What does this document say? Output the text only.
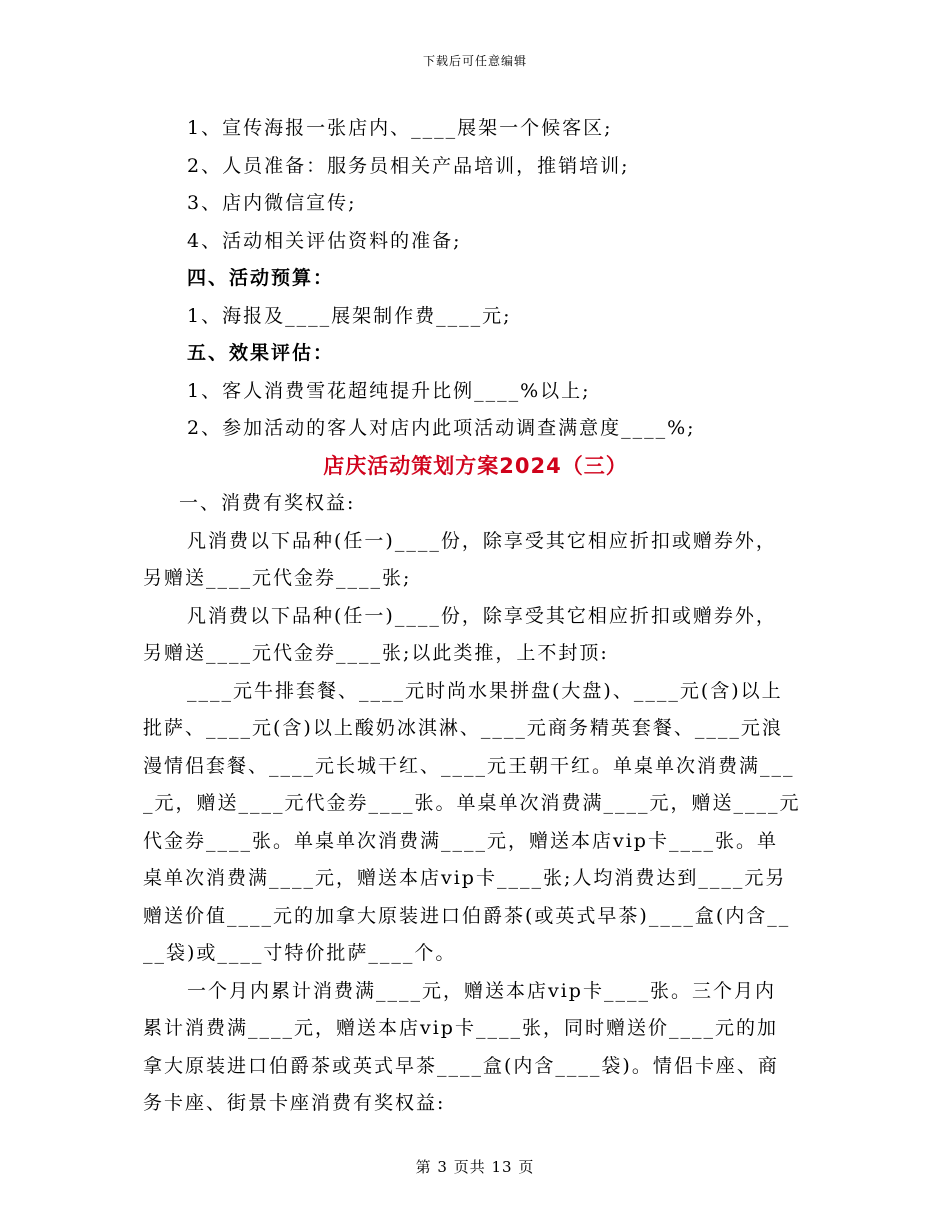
下载后可任意编辑
1、宣传海报一张店内、____展架一个候客区;
2、人员准备：服务员相关产品培训，推销培训;
3、店内微信宣传;
4、活动相关评估资料的准备;
四、活动预算：
1、海报及____展架制作费____元;
五、效果评估：
1、客人消费雪花超纯提升比例____%以上;
2、参加活动的客人对店内此项活动调查满意度____%;
店庆活动策划方案2024（三）
一、消费有奖权益:
凡消费以下品种(任一)____份，除享受其它相应折扣或赠券外，
另赠送____元代金券____张;
凡消费以下品种(任一)____份，除享受其它相应折扣或赠券外，
另赠送____元代金券____张;以此类推，上不封顶:
____元牛排套餐、____元时尚水果拼盘(大盘)、____元(含)以上
批萨、____元(含)以上酸奶冰淇淋、____元商务精英套餐、____元浪
漫情侣套餐、____元长城干红、____元王朝干红。单桌单次消费满___
_元，赠送____元代金券____张。单桌单次消费满____元，赠送____元
代金券____张。单桌单次消费满____元，赠送本店vip卡____张。单
桌单次消费满____元，赠送本店vip卡____张;人均消费达到____元另
赠送价值____元的加拿大原装进口伯爵茶(或英式早茶)____盒(内含__
__袋)或____寸特价批萨____个。
一个月内累计消费满____元，赠送本店vip卡____张。三个月内
累计消费满____元，赠送本店vip卡____张，同时赠送价____元的加
拿大原装进口伯爵茶或英式早茶____盒(内含____袋)。情侣卡座、商
务卡座、街景卡座消费有奖权益:
第 3 页共 13 页
